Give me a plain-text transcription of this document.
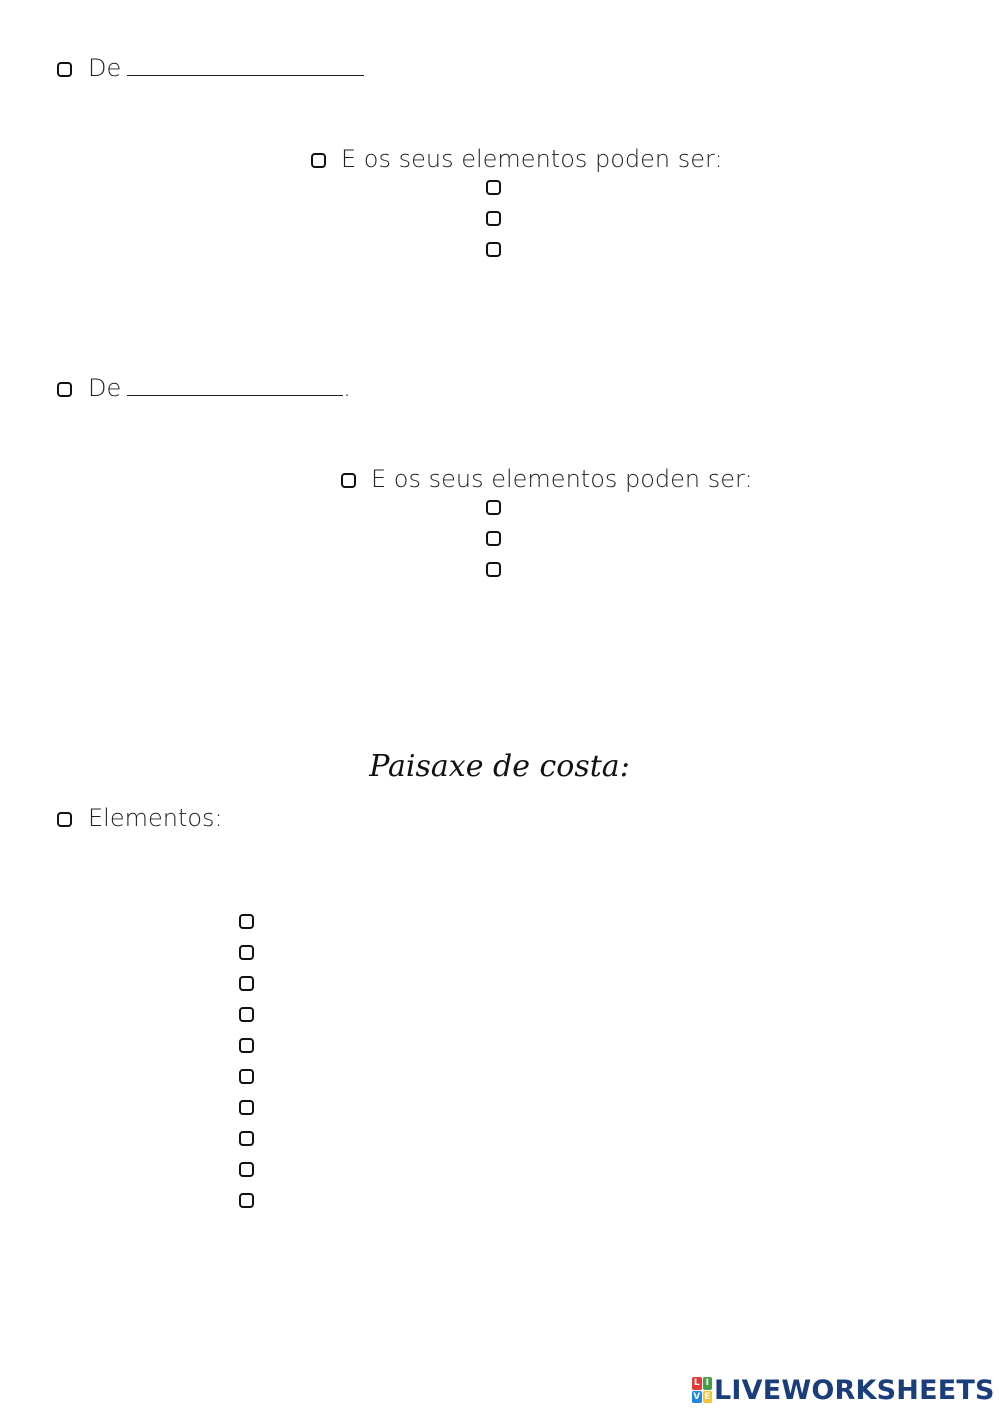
De
E os seus elementos poden ser:
De	.
E os seus elementos poden ser:
Paisaxe de costa:
Elementos:
L I
V E LIVEWORKSHEETS
